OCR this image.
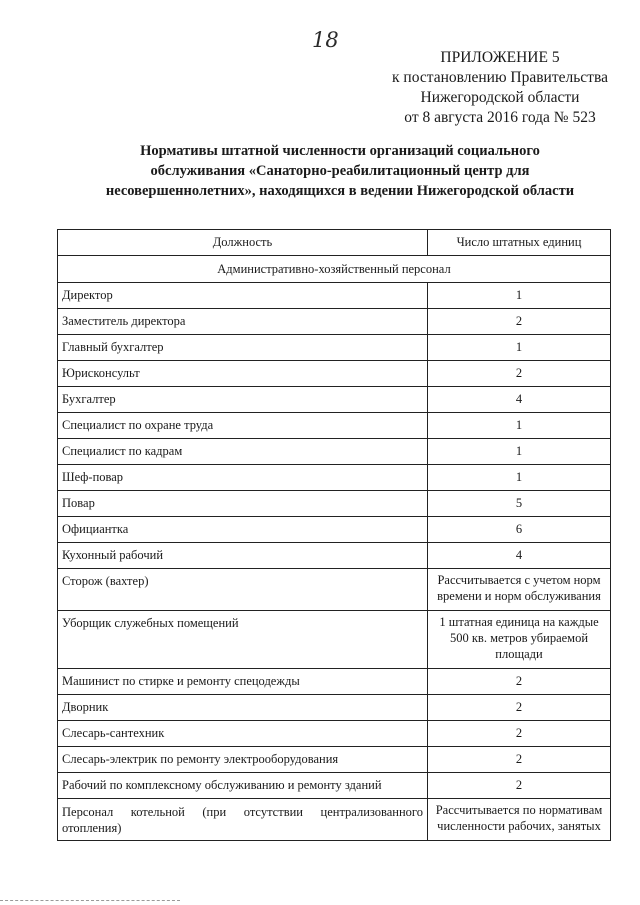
18
ПРИЛОЖЕНИЕ 5
к постановлению Правительства
Нижегородской области
от 8 августа 2016 года № 523
Нормативы штатной численности организаций социального
обслуживания «Санаторно-реабилитационный центр для
несовершеннолетних», находящихся в ведении Нижегородской области
Должность	Число штатных единиц
Административно-хозяйственный персонал	
Директор	1
Заместитель директора	2
Главный бухгалтер	1
Юрисконсульт	2
Бухгалтер	4
Специалист по охране труда	1
Специалист по кадрам	1
Шеф-повар	1
Повар	5
Официантка	6
Кухонный рабочий	4
Сторож (вахтер)	Рассчитывается с учетом норм
времени и норм обслуживания

Уборщик служебных помещений	1 штатная единица на каждые
500 кв. метров убираемой
площади

Машинист по стирке и ремонту спецодежды	2
Дворник	2
Слесарь-сантехник	2
Слесарь-электрик по ремонту электрооборудования	2
Рабочий по комплексному обслуживанию и ремонту зданий	2

Персонал котельной (при отсутствии централизованного
отопления)	Рассчитывается по нормативам
численности рабочих, занятых
